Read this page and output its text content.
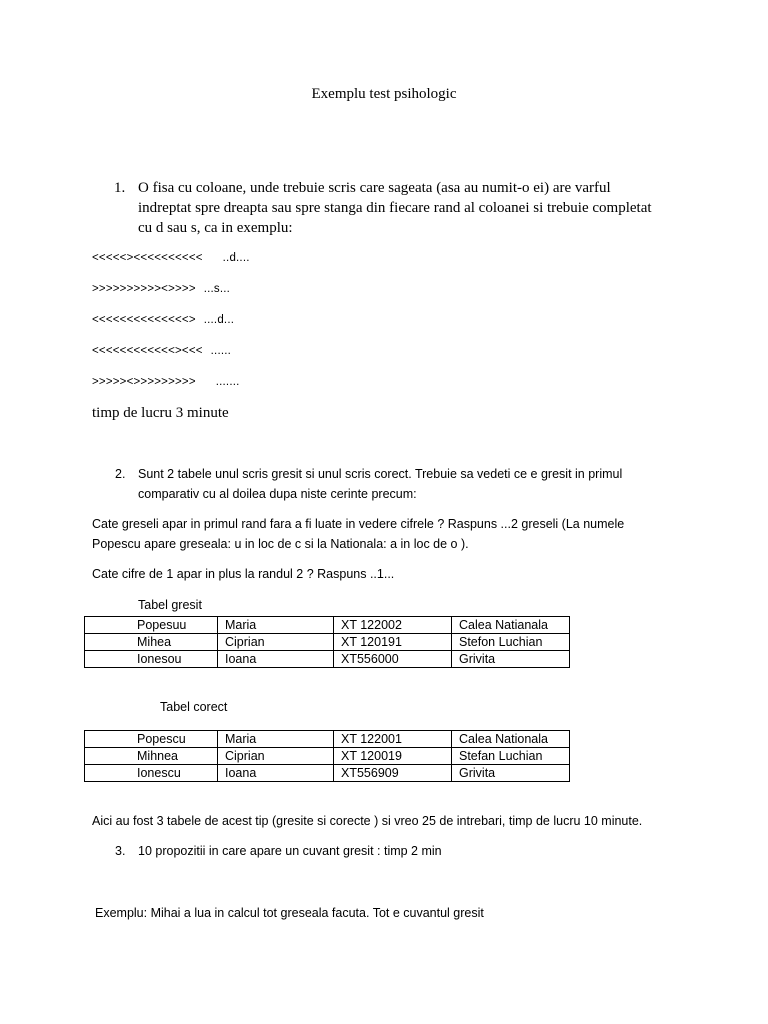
Exemplu test psihologic
1. O fisa cu coloane, unde trebuie scris care sageata (asa au numit-o ei) are varful
indreptat spre dreapta sau spre stanga din fiecare rand al coloanei si trebuie completat
cu d sau s, ca in exemplu:
<<<<<><<<<<<<<<< ..d....
>>>>>>>>>><>>>> ...s...
<<<<<<<<<<<<<<> ....d...
<<<<<<<<<<<<><<< ......
>>>>><>>>>>>>>> .......
timp de lucru 3 minute
2. Sunt 2 tabele unul scris gresit si unul scris corect. Trebuie sa vedeti ce e gresit in primul
comparativ cu al doilea dupa niste cerinte precum:
Cate greseli apar in primul rand fara a fi luate in vedere cifrele ? Raspuns ...2 greseli (La numele
Popescu apare greseala: u in loc de c si la Nationala: a in loc de o ).
Cate cifre de 1 apar in plus la randul 2 ? Raspuns ..1...
Tabel gresit
Popesuu	Maria	XT 122002	Calea Natianala
Mihea	Ciprian	XT 120191	Stefon Luchian
Ionesou	Ioana	XT556000	Grivita
Tabel corect
Popescu	Maria	XT 122001	Calea Nationala
Mihnea	Ciprian	XT 120019	Stefan Luchian
Ionescu	Ioana	XT556909	Grivita
Aici au fost 3 tabele de acest tip (gresite si corecte ) si vreo 25 de intrebari, timp de lucru 10 minute.
3. 10 propozitii in care apare un cuvant gresit : timp 2 min
Exemplu: Mihai a lua in calcul tot greseala facuta. Tot e cuvantul gresit
